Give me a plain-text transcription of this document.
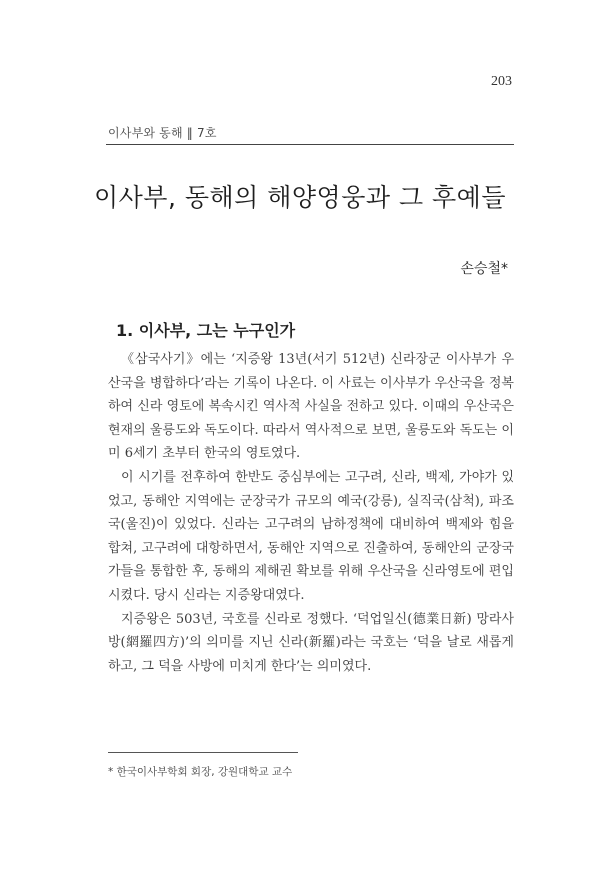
203
이사부와 동해 ‖ 7호
이사부, 동해의 해양영웅과 그 후예들
손승철*
1. 이사부, 그는 누구인가

《삼국사기》에는 ‘지증왕 13년(서기 512년) 신라장군 이사부가 우산국을 병합하다’라는 기록이 나온다. 이 사료는 이사부가 우산국을 정복하여 신라 영토에 복속시킨 역사적 사실을 전하고 있다. 이때의 우산국은 현재의 울릉도와 독도이다. 따라서 역사적으로 보면, 울릉도와 독도는 이미 6세기 초부터 한국의 영토였다.

이 시기를 전후하여 한반도 중심부에는 고구려, 신라, 백제, 가야가 있었고, 동해안 지역에는 군장국가 규모의 예국(강릉), 실직국(삼척), 파조국(울진)이 있었다. 신라는 고구려의 남하정책에 대비하여 백제와 힘을 합쳐, 고구려에 대항하면서, 동해안 지역으로 진출하여, 동해안의 군장국가들을 통합한 후, 동해의 제해권 확보를 위해 우산국을 신라영토에 편입시켰다. 당시 신라는 지증왕대였다.

지증왕은 503년, 국호를 신라로 정했다. ‘덕업일신(德業日新) 망라사방(網羅四方)’의 의미를 지닌 신라(新羅)라는 국호는 ‘덕을 날로 새롭게 하고, 그 덕을 사방에 미치게 한다’는 의미였다.

* 한국이사부학회 회장, 강원대학교 교수
